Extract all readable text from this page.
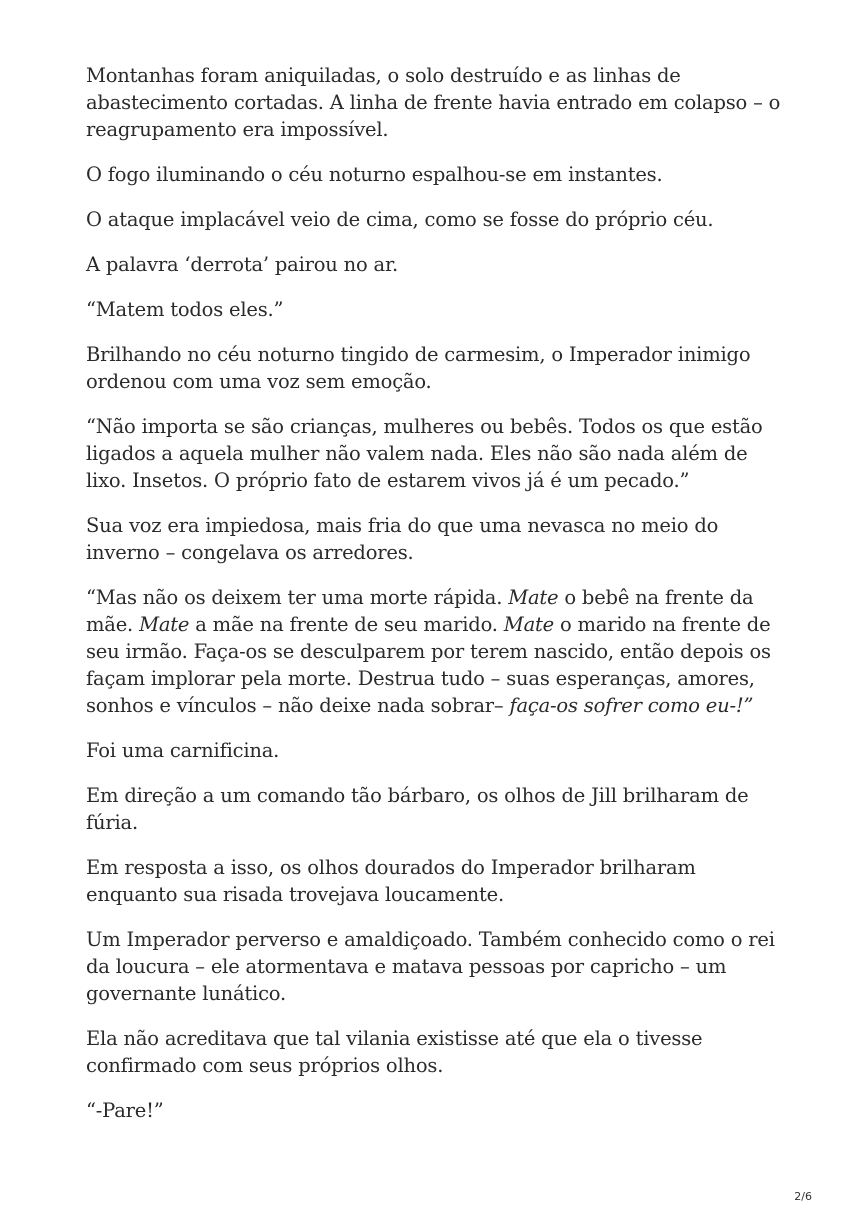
Montanhas foram aniquiladas, o solo destruído e as linhas de abastecimento cortadas. A linha de frente havia entrado em colapso – o reagrupamento era impossível.

O fogo iluminando o céu noturno espalhou-se em instantes.

O ataque implacável veio de cima, como se fosse do próprio céu.

A palavra ‘derrota’ pairou no ar.

“Matem todos eles.”

Brilhando no céu noturno tingido de carmesim, o Imperador inimigo ordenou com uma voz sem emoção.

“Não importa se são crianças, mulheres ou bebês. Todos os que estão ligados a aquela mulher não valem nada. Eles não são nada além de lixo. Insetos. O próprio fato de estarem vivos já é um pecado.”

Sua voz era impiedosa, mais fria do que uma nevasca no meio do inverno – congelava os arredores.

“Mas não os deixem ter uma morte rápida. Mate o bebê na frente da mãe. Mate a mãe na frente de seu marido. Mate o marido na frente de seu irmão. Faça-os se desculparem por terem nascido, então depois os façam implorar pela morte. Destrua tudo – suas esperanças, amores, sonhos e vínculos – não deixe nada sobrar– faça-os sofrer como eu-!”

Foi uma carnificina.

Em direção a um comando tão bárbaro, os olhos de Jill brilharam de fúria.

Em resposta a isso, os olhos dourados do Imperador brilharam enquanto sua risada trovejava loucamente.

Um Imperador perverso e amaldiçoado. Também conhecido como o rei da loucura – ele atormentava e matava pessoas por capricho – um governante lunático.

Ela não acreditava que tal vilania existisse até que ela o tivesse confirmado com seus próprios olhos.

“-Pare!”

2/6
